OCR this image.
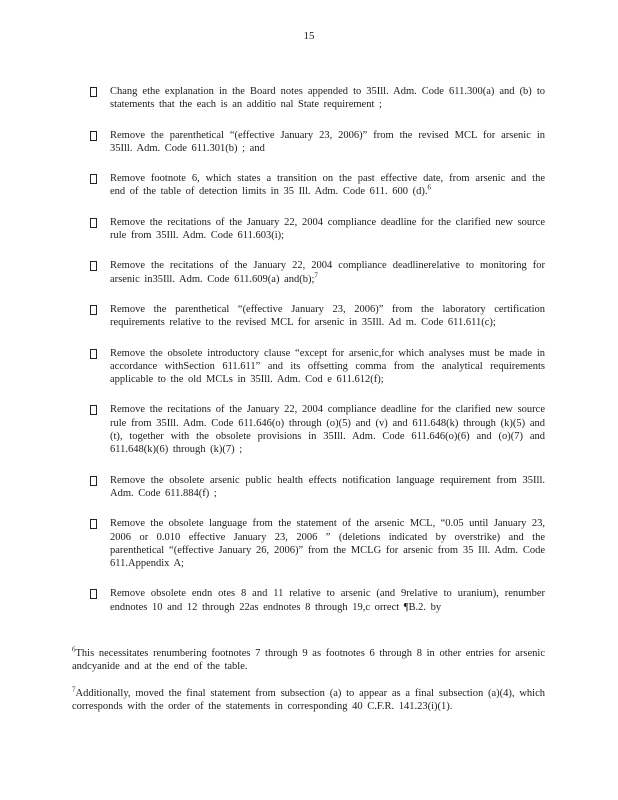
15

Chang ethe explanation in the Board notes appended to 35Ill. Adm. Code 611.300(a) and (b) to statements that the each is an additio nal State requirement ;

Remove the parenthetical “(effective January 23, 2006)” from the revised MCL for arsenic in 35Ill. Adm. Code 611.301(b) ; and

Remove footnote 6, which states a transition on the past effective date, from arsenic and the end of the table of detection limits in 35 Ill. Adm. Code 611. 600 (d).$^6$

Remove the recitations of the January 22, 2004 compliance deadline for the clarified new source rule from 35Ill. Adm. Code 611.603(i);

Remove the recitations of the January 22, 2004 compliance deadlinerelative to monitoring for arsenic in35Ill. Adm. Code 611.609(a) and(b);$^7$

Remove the parenthetical “(effective January 23, 2006)” from the laboratory certification requirements relative to the revised MCL for arsenic in 35Ill. Ad m. Code 611.611(c);

Remove the obsolete introductory clause “except for arsenic,for which analyses must be made in accordance withSection 611.611” and its offsetting comma from the analytical requirements applicable to the old MCLs in 35Ill. Adm. Cod e 611.612(f);

Remove the recitations of the January 22, 2004 compliance deadline for the clarified new source rule from 35Ill. Adm. Code 611.646(o) through (o)(5) and (v) and 611.648(k) through (k)(5) and (t), together with the obsolete provisions in 35Ill. Adm. Code 611.646(o)(6) and (o)(7) and 611.648(k)(6) through (k)(7) ;

Remove the obsolete arsenic public health effects notification language requirement from 35Ill. Adm. Code 611.884(f) ;

Remove the obsolete language from the statement of the arsenic MCL, “0.05 until January 23, 2006 or 0.010 effective January 23, 2006 ” (deletions indicated by overstrike) and the parenthetical “(effective January 26, 2006)” from the MCLG for arsenic from 35 Ill. Adm. Code 611.Appendix A;

Remove obsolete endn otes 8 and 11 relative to arsenic (and 9relative to uranium), renumber endnotes 10 and 12 through 22as endnotes 8 through 19,c orrect ¶B.2. by

$^6$This necessitates renumbering footnotes 7 through 9 as footnotes 6 through 8 in other entries for arsenic andcyanide and at the end of the table.

$^7$Additionally, moved the final statement from subsection (a) to appear as a final subsection (a)(4), which corresponds with the order of the statements in corresponding 40 C.F.R. 141.23(i)(1).
